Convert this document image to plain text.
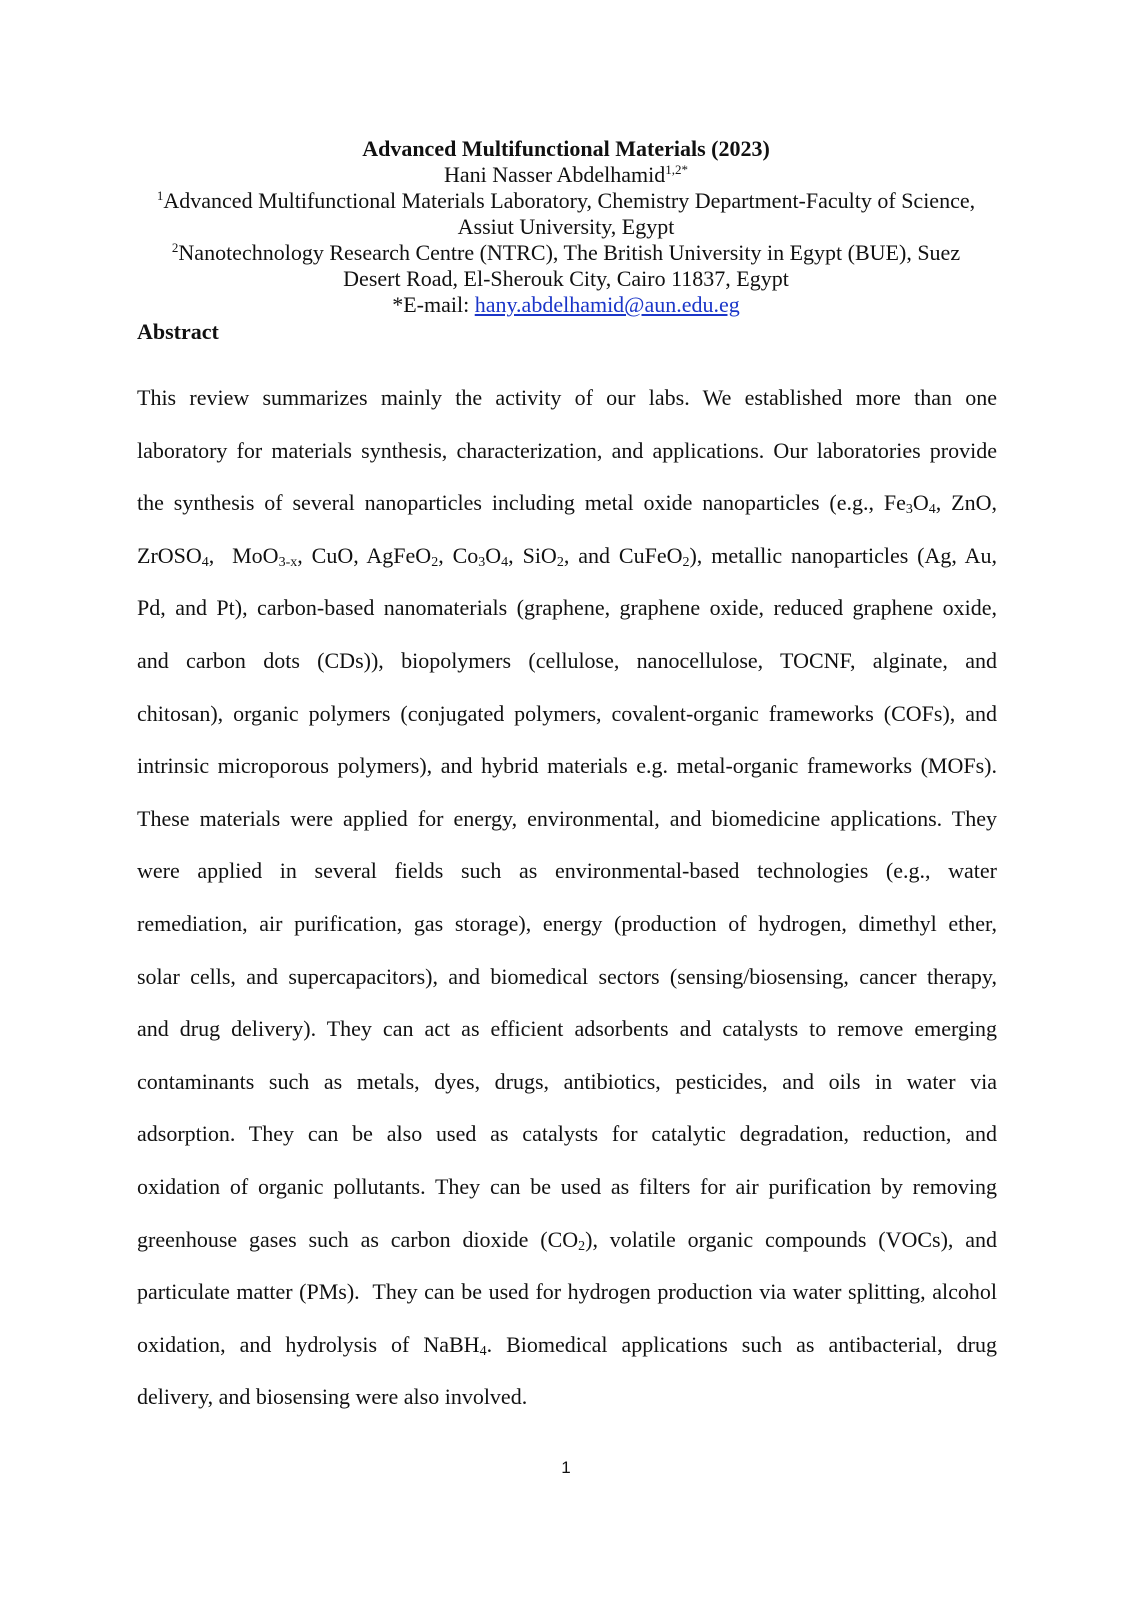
Advanced Multifunctional Materials (2023)
Hani Nasser Abdelhamid$^{1,2*}$
$^1$Advanced Multifunctional Materials Laboratory, Chemistry Department-Faculty of Science,
Assiut University, Egypt
$^2$Nanotechnology Research Centre (NTRC), The British University in Egypt (BUE), Suez
Desert Road, El-Sherouk City, Cairo 11837, Egypt
*E-mail: hany.abdelhamid@aun.edu.eg
Abstract
This review summarizes mainly the activity of our labs. We established more than one
laboratory for materials synthesis, characterization, and applications. Our laboratories provide
the synthesis of several nanoparticles including metal oxide nanoparticles (e.g., $Fe_3O_4$, ZnO,
ZrOSO$_4$,  MoO$_{3-x}$, CuO, AgFeO$_2$, $Co_3O_4$, SiO$_2$, and CuFeO$_2$), metallic nanoparticles (Ag, Au,
Pd, and Pt), carbon-based nanomaterials (graphene, graphene oxide, reduced graphene oxide,
and carbon dots (CDs)), biopolymers (cellulose, nanocellulose, TOCNF, alginate, and
chitosan), organic polymers (conjugated polymers, covalent-organic frameworks (COFs), and
intrinsic microporous polymers), and hybrid materials e.g. metal-organic frameworks (MOFs).
These materials were applied for energy, environmental, and biomedicine applications. They
were applied in several fields such as environmental-based technologies (e.g., water
remediation, air purification, gas storage), energy (production of hydrogen, dimethyl ether,
solar cells, and supercapacitors), and biomedical sectors (sensing/biosensing, cancer therapy,
and drug delivery). They can act as efficient adsorbents and catalysts to remove emerging
contaminants such as metals, dyes, drugs, antibiotics, pesticides, and oils in water via
adsorption. They can be also used as catalysts for catalytic degradation, reduction, and
oxidation of organic pollutants. They can be used as filters for air purification by removing
greenhouse gases such as carbon dioxide $(CO_2)$, volatile organic compounds (VOCs), and
particulate matter (PMs).  They can be used for hydrogen production via water splitting, alcohol
oxidation, and hydrolysis of NaBH$_4$. Biomedical applications such as antibacterial, drug
delivery, and biosensing were also involved.
1
